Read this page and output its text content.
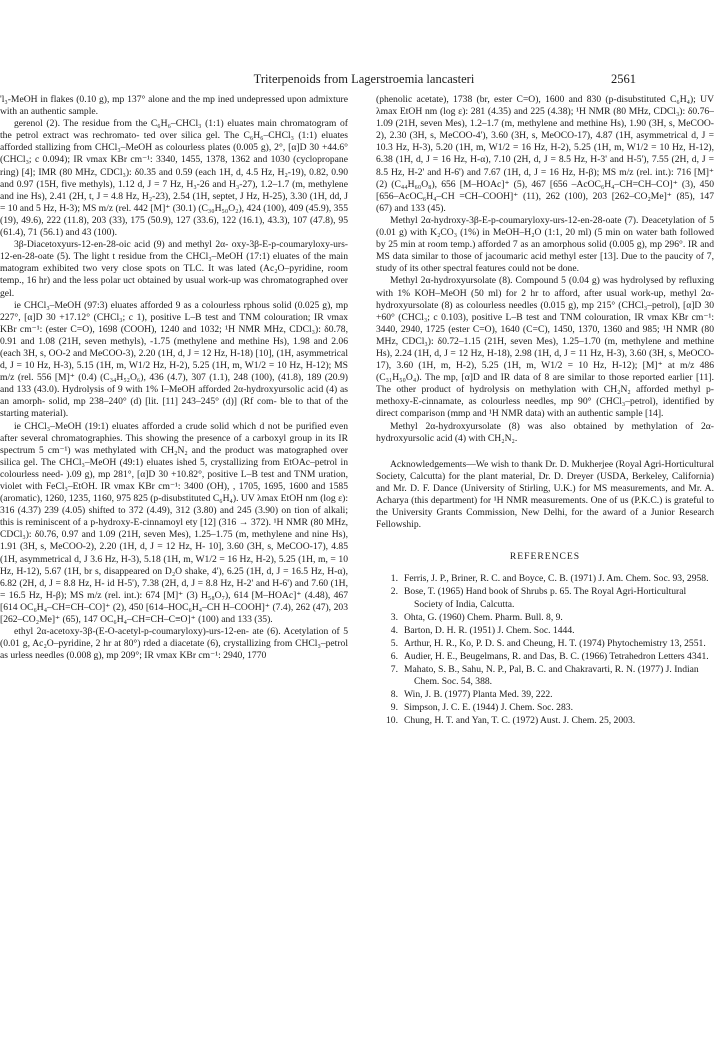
Triterpenoids from Lagerstroemia lancasteri	2561

'l₃-MeOH in flakes (0.10 g), mp 137° alone and the mp ined undepressed upon admixture with an authentic sample.

gerenol (2). The residue from the C₆H₆–CHCl₃ (1:1) eluates main chromatogram of the petrol extract was rechromato- ted over silica gel. The C₆H₆–CHCl₃ (1:1) eluates afforded stallizing from CHCl₃–MeOH as colourless plates (0.005 g), 2°, [α]D 30 +44.6° (CHCl₃; c 0.094); IR νmax KBr cm⁻¹: 3340, 1455, 1378, 1362 and 1030 (cyclopropane ring) [4]; IMR (80 MHz, CDCl₃): δ0.35 and 0.59 (each 1H, d, 4.5 Hz, H₂-19), 0.82, 0.90 and 0.97 (15H, five methyls), 1.12 d, J = 7 Hz, H₃-26 and H₃-27), 1.2–1.7 (m, methylene and ine Hs), 2.41 (2H, t, J = 4.8 Hz, H₂-23), 2.54 (1H, septet, J Hz, H-25), 3.30 (1H, dd, J = 10 and 5 Hz, H-3); MS m/z (rel. 442 [M]⁺ (30.1) (C₃₀H₅₀O₂), 424 (100), 409 (45.9), 355 (19), 49.6), 222 (11.8), 203 (33), 175 (50.9), 127 (33.6), 122 (16.1), 43.3), 107 (47.8), 95 (61.4), 71 (56.1) and 43 (100).

3β-Diacetoxyurs-12-en-28-oic acid (9) and methyl 2α- oxy-3β-E-p-coumaryloxy-urs-12-en-28-oate (5). The light t residue from the CHCl₃–MeOH (17:1) eluates of the main matogram exhibited two very close spots on TLC. It was lated (Ac₂O–pyridine, room temp., 16 hr) and the less polar uct obtained by usual work-up was chromatographed over gel.

ie CHCl₃–MeOH (97:3) eluates afforded 9 as a colourless rphous solid (0.025 g), mp 227°, [α]D 30 +17.12° (CHCl₃; c 1), positive L–B test and TNM colouration; IR νmax KBr cm⁻¹: (ester C=O), 1698 (COOH), 1240 and 1032; ¹H NMR MHz, CDCl₃): δ0.78, 0.91 and 1.08 (21H, seven methyls), -1.75 (methylene and methine Hs), 1.98 and 2.06 (each 3H, s, OO-2 and MeCOO-3), 2.20 (1H, d, J = 12 Hz, H-18) [10], (1H, asymmetrical d, J = 10 Hz, H-3), 5.15 (1H, m, W1/2 Hz, H-2), 5.25 (1H, m, W1/2 = 10 Hz, H-12); MS m/z (rel. 556 [M]⁺ (0.4) (C₃₄H₅₂O₆), 436 (4.7), 307 (1.1), 248 (100), (41.8), 189 (20.9) and 133 (43.0). Hydrolysis of 9 with 1% I–MeOH afforded 2α-hydroxyursolic acid (4) as an amorph- solid, mp 238–240° (d) [lit. [11] 243–245° (d)] (Rf com- ble to that of the starting material).

ie CHCl₃–MeOH (19:1) eluates afforded a crude solid which d not be purified even after several chromatographies. This showing the presence of a carboxyl group in its IR spectrum 5 cm⁻¹) was methylated with CH₂N₂ and the product was matographed over silica gel. The CHCl₃–MeOH (49:1) eluates ished 5, crystallizing from EtOAc–petrol in colourless need- ).09 g), mp 281°, [α]D 30 +10.82°, positive L–B test and TNM uration, violet with FeCl₃–EtOH. IR νmax KBr cm⁻¹: 3400 (OH), , 1705, 1695, 1600 and 1585 (aromatic), 1260, 1235, 1160, 975 825 (p-disubstituted C₆H₄). UV λmax EtOH nm (log ε): 316 (4.37) 239 (4.05) shifted to 372 (4.49), 312 (3.80) and 245 (3.90) on tion of alkali; this is reminiscent of a p-hydroxy-E-cinnamoyl ety [12] (316 → 372). ¹H NMR (80 MHz, CDCl₃): δ0.76, 0.97 and 1.09 (21H, seven Mes), 1.25–1.75 (m, methylene and nine Hs), 1.91 (3H, s, MeCOO-2), 2.20 (1H, d, J = 12 Hz, H- 10], 3.60 (3H, s, MeCOO-17), 4.85 (1H, asymmetrical d, J 3.6 Hz, H-3), 5.18 (1H, m, W1/2 = 16 Hz, H-2), 5.25 (1H, m, = 10 Hz, H-12), 5.67 (1H, br s, disappeared on D₂O shake, 4'), 6.25 (1H, d, J = 16.5 Hz, H-α), 6.82 (2H, d, J = 8.8 Hz, H- id H-5'), 7.38 (2H, d, J = 8.8 Hz, H-2' and H-6') and 7.60 (1H, = 16.5 Hz, H-β); MS m/z (rel. int.): 674 [M]⁺ (3) H₅₈O₇), 614 [M–HOAc]⁺ (4.48), 467 [614 OC₆H₄–CH=CH–CO]⁺ (2), 450 [614–HOC₆H₄–CH H–COOH]⁺ (7.4), 262 (47), 203 [262–CO₂Me]⁺ (65), 147 OC₆H₄–CH=CH–C≡O]⁺ (100) and 133 (35).

ethyl 2α-acetoxy-3β-(E-O-acetyl-p-coumaryloxy)-urs-12-en- ate (6). Acetylation of 5 (0.01 g, Ac₂O–pyridine, 2 hr at 80°) rded a diacetate (6), crystallizing from CHCl₃–petrol as urless needles (0.008 g), mp 209°; IR νmax KBr cm⁻¹: 2940, 1770

(phenolic acetate), 1738 (br, ester C=O), 1600 and 830 (p-disubstituted C₆H₄); UV λmax EtOH nm (log ε): 281 (4.35) and 225 (4.38); ¹H NMR (80 MHz, CDCl₃): δ0.76–1.09 (21H, seven Mes), 1.2–1.7 (m, methylene and methine Hs), 1.90 (3H, s, MeCOO-2), 2.30 (3H, s, MeCOO-4'), 3.60 (3H, s, MeOCO-17), 4.87 (1H, asymmetrical d, J = 10.3 Hz, H-3), 5.20 (1H, m, W1/2 = 16 Hz, H-2), 5.25 (1H, m, W1/2 = 10 Hz, H-12), 6.38 (1H, d, J = 16 Hz, H-α), 7.10 (2H, d, J = 8.5 Hz, H-3' and H-5'), 7.55 (2H, d, J = 8.5 Hz, H-2' and H-6') and 7.67 (1H, d, J = 16 Hz, H-β); MS m/z (rel. int.): 716 [M]⁺ (2) (C₄₄H₆₀O₈), 656 [M–HOAc]⁺ (5), 467 [656 –AcOC₆H₄–CH=CH–CO]⁺ (3), 450 [656–AcOC₆H₄–CH =CH–COOH]⁺ (11), 262 (100), 203 [262–CO₂Me]⁺ (85), 147 (67) and 133 (45).

Methyl 2α-hydroxy-3β-E-p-coumaryloxy-urs-12-en-28-oate (7). Deacetylation of 5 (0.01 g) with K₂CO₃ (1%) in MeOH–H₂O (1:1, 20 ml) (5 min on water bath followed by 25 min at room temp.) afforded 7 as an amorphous solid (0.005 g), mp 296°. IR and MS data similar to those of jacoumaric acid methyl ester [13]. Due to the paucity of 7, study of its other spectral features could not be done.

Methyl 2α-hydroxyursolate (8). Compound 5 (0.04 g) was hydrolysed by refluxing with 1% KOH–MeOH (50 ml) for 2 hr to afford, after usual work-up, methyl 2α-hydroxyursolate (8) as colourless needles (0.015 g), mp 215° (CHCl₃–petrol), [α]D 30 +60° (CHCl₃; c 0.103), positive L–B test and TNM colouration, IR νmax KBr cm⁻¹: 3440, 2940, 1725 (ester C=O), 1640 (C=C), 1450, 1370, 1360 and 985; ¹H NMR (80 MHz, CDCl₃): δ0.72–1.15 (21H, seven Mes), 1.25–1.70 (m, methylene and methine Hs), 2.24 (1H, d, J = 12 Hz, H-18), 2.98 (1H, d, J = 11 Hz, H-3), 3.60 (3H, s, MeOCO-17), 3.60 (1H, m, H-2), 5.25 (1H, m, W1/2 = 10 Hz, H-12); [M]⁺ at m/z 486 (C₃₁H₅₀O₄). The mp, [α]D and IR data of 8 are similar to those reported earlier [11]. The other product of hydrolysis on methylation with CH₂N₂ afforded methyl p-methoxy-E-cinnamate, as colourless needles, mp 90° (CHCl₃–petrol), identified by direct comparison (mmp and ¹H NMR data) with an authentic sample [14].

Methyl 2α-hydroxyursolate (8) was also obtained by methylation of 2α-hydroxyursolic acid (4) with CH₂N₂.

Acknowledgements—We wish to thank Dr. D. Mukherjee (Royal Agri-Horticultural Society, Calcutta) for the plant material, Dr. D. Dreyer (USDA, Berkeley, California) and Mr. D. F. Dance (University of Stirling, U.K.) for MS measurements, and Mr. A. Acharya (this department) for ¹H NMR measurements. One of us (P.K.C.) is grateful to the University Grants Commission, New Delhi, for the award of a Junior Research Fellowship.

REFERENCES
1. Ferris, J. P., Briner, R. C. and Boyce, C. B. (1971) J. Am. Chem. Soc. 93, 2958.
2. Bose, T. (1965) Hand book of Shrubs p. 65. The Royal Agri-Horticultural Society of India, Calcutta.
3. Ohta, G. (1960) Chem. Pharm. Bull. 8, 9.
4. Barton, D. H. R. (1951) J. Chem. Soc. 1444.
5. Arthur, H. R., Ko, P. D. S. and Cheung, H. T. (1974) Phytochemistry 13, 2551.
6. Audier, H. E., Beugelmans, R. and Das, B. C. (1966) Tetrahedron Letters 4341.
7. Mahato, S. B., Sahu, N. P., Pal, B. C. and Chakravarti, R. N. (1977) J. Indian Chem. Soc. 54, 388.
8. Win, J. B. (1977) Planta Med. 39, 222.
9. Simpson, J. C. E. (1944) J. Chem. Soc. 283.
10. Chung, H. T. and Yan, T. C. (1972) Aust. J. Chem. 25, 2003.
